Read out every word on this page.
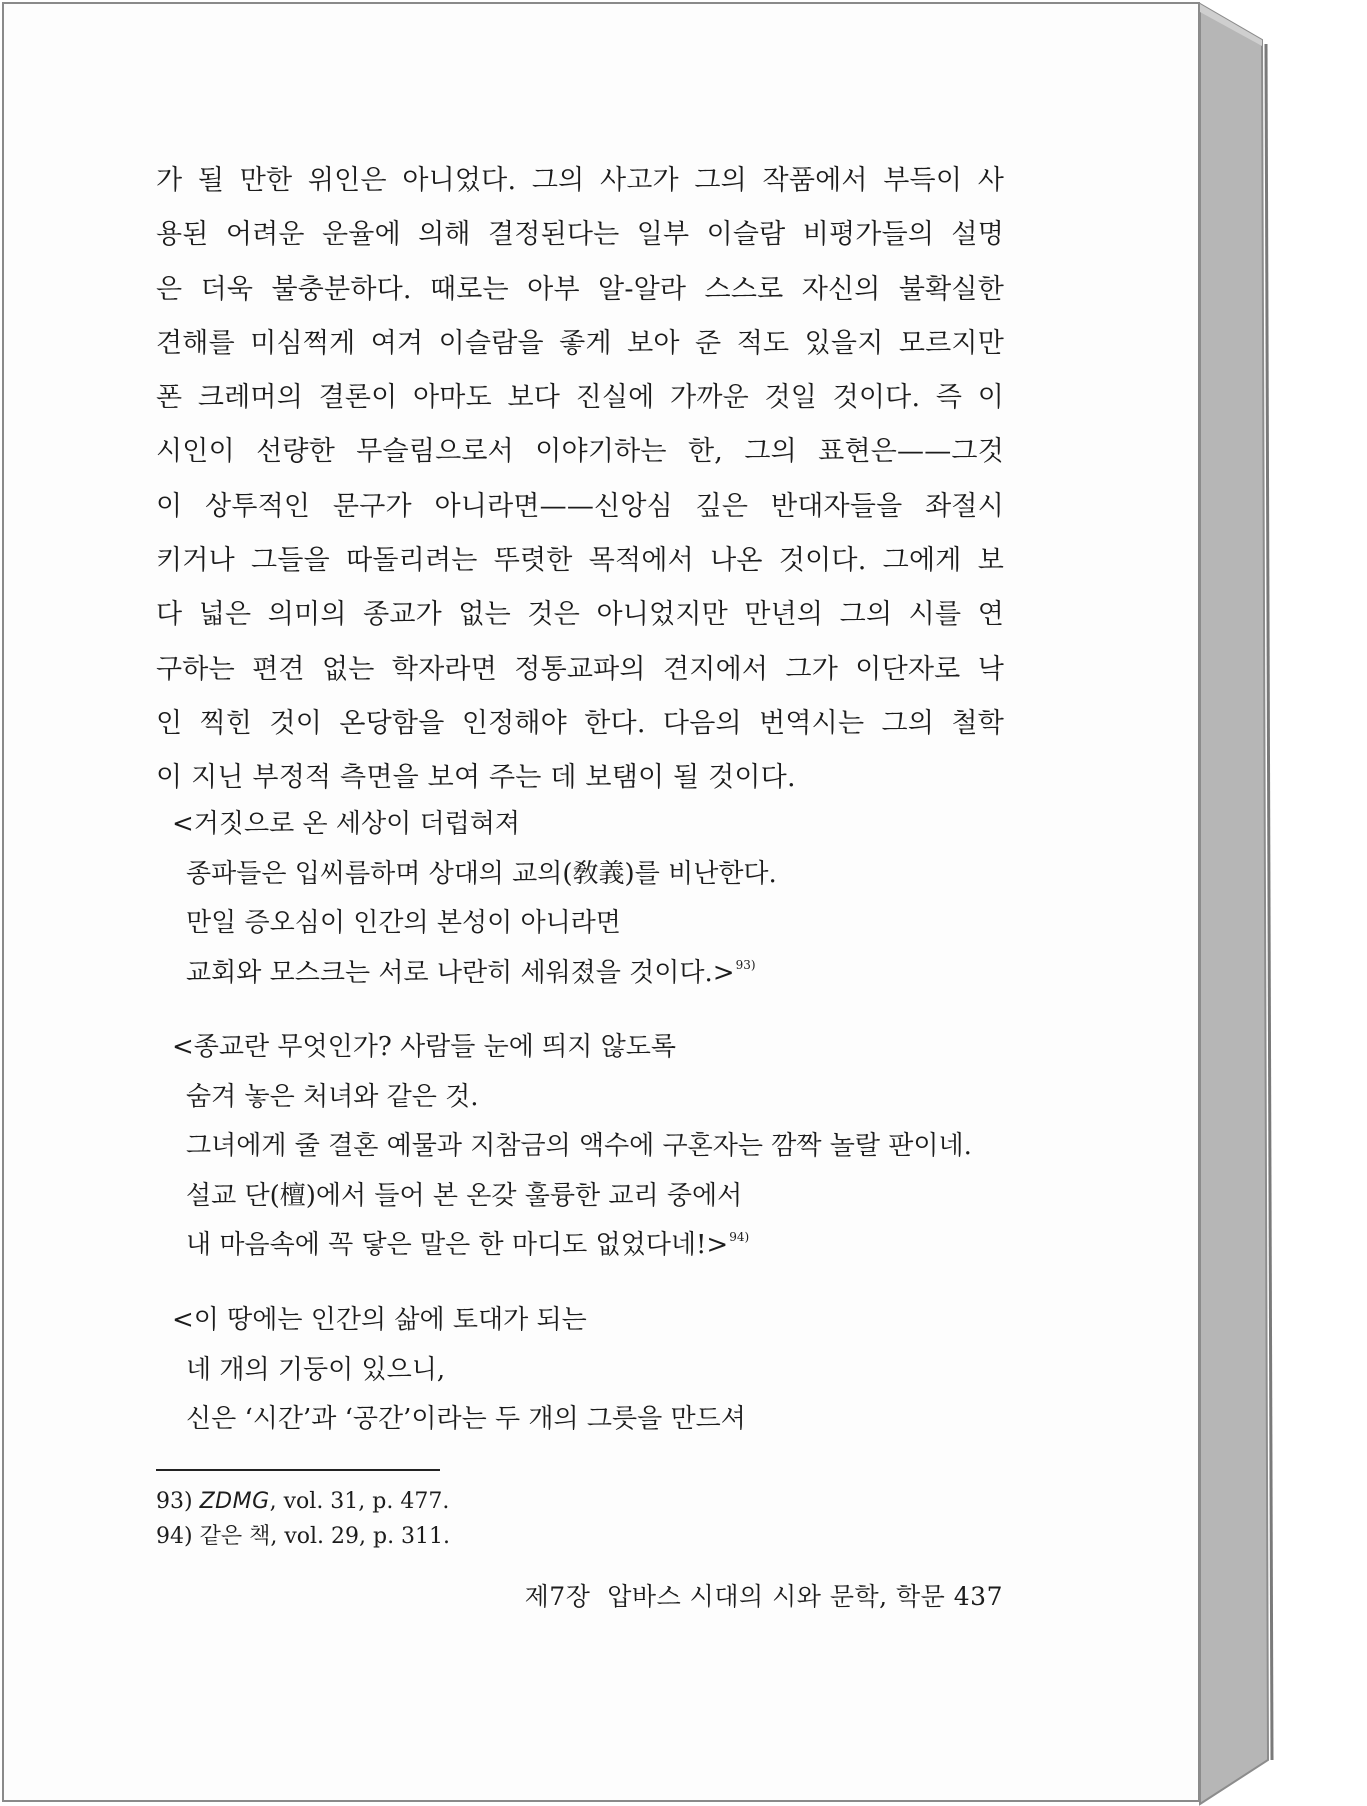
가 될 만한 위인은 아니었다. 그의 사고가 그의 작품에서 부득이 사
용된 어려운 운율에 의해 결정된다는 일부 이슬람 비평가들의 설명
은 더욱 불충분하다. 때로는 아부 알-알라 스스로 자신의 불확실한
견해를 미심쩍게 여겨 이슬람을 좋게 보아 준 적도 있을지 모르지만
폰 크레머의 결론이 아마도 보다 진실에 가까운 것일 것이다. 즉 이
시인이 선량한 무슬림으로서 이야기하는 한, 그의 표현은——그것
이 상투적인 문구가 아니라면——신앙심 깊은 반대자들을 좌절시
키거나 그들을 따돌리려는 뚜렷한 목적에서 나온 것이다. 그에게 보
다 넓은 의미의 종교가 없는 것은 아니었지만 만년의 그의 시를 연
구하는 편견 없는 학자라면 정통교파의 견지에서 그가 이단자로 낙
인 찍힌 것이 온당함을 인정해야 한다. 다음의 번역시는 그의 철학
이 지닌 부정적 측면을 보여 주는 데 보탬이 될 것이다.
<거짓으로 온 세상이 더럽혀져
종파들은 입씨름하며 상대의 교의(敎義)를 비난한다.
만일 증오심이 인간의 본성이 아니라면
교회와 모스크는 서로 나란히 세워졌을 것이다.>$^{93)}$
<종교란 무엇인가? 사람들 눈에 띄지 않도록
숨겨 놓은 처녀와 같은 것.
그녀에게 줄 결혼 예물과 지참금의 액수에 구혼자는 깜짝 놀랄 판이네.
설교 단(檀)에서 들어 본 온갖 훌륭한 교리 중에서
내 마음속에 꼭 닿은 말은 한 마디도 없었다네!>$^{94)}$
<이 땅에는 인간의 삶에 토대가 되는
네 개의 기둥이 있으니,
신은 ‘시간’과 ‘공간’이라는 두 개의 그릇을 만드셔
93) ZDMG, vol. 31, p. 477.
94) 같은 책, vol. 29, p. 311.
제7장 압바스 시대의 시와 문학, 학문 437
